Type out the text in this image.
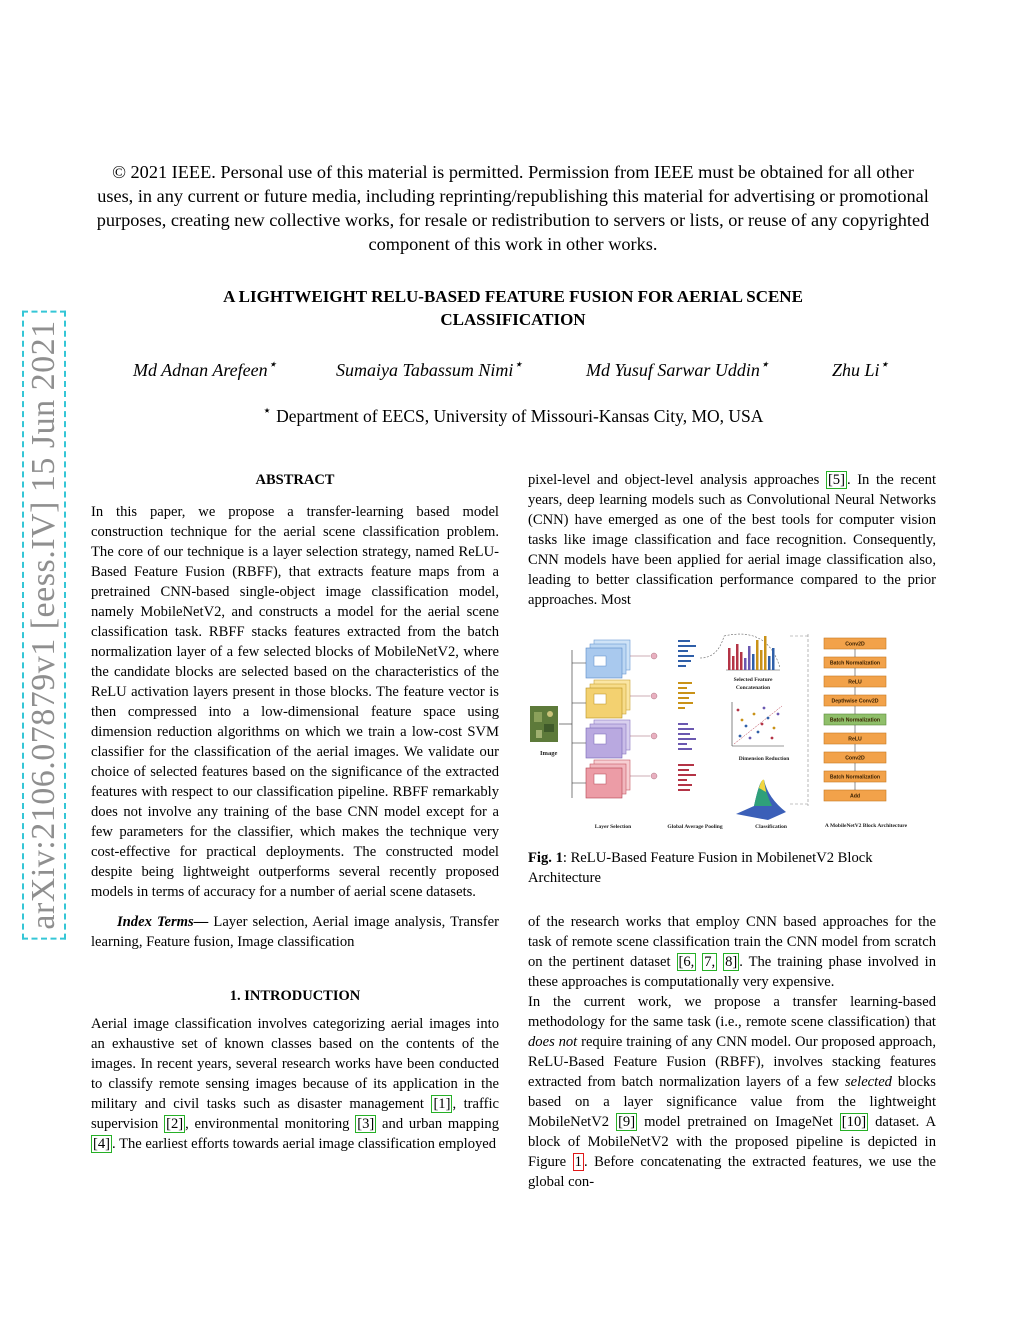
arXiv:2106.07879v1 [eess.IV] 15 Jun 2021
© 2021 IEEE. Personal use of this material is permitted. Permission from IEEE must be obtained for all other uses, in any current or future media, including reprinting/republishing this material for advertising or promotional purposes, creating new collective works, for resale or redistribution to servers or lists, or reuse of any copyrighted component of this work in other works.
A LIGHTWEIGHT RELU-BASED FEATURE FUSION FOR AERIAL SCENE
CLASSIFICATION
Md Adnan Arefeen⋆	Sumaiya Tabassum Nimi⋆	Md Yusuf Sarwar Uddin⋆	Zhu Li⋆
⋆ Department of EECS, University of Missouri-Kansas City, MO, USA

ABSTRACT

In this paper, we propose a transfer-learning based model construction technique for the aerial scene classification problem. The core of our technique is a layer selection strategy, named ReLU-Based Feature Fusion (RBFF), that extracts feature maps from a pretrained CNN-based single-object image classification model, namely MobileNetV2, and constructs a model for the aerial scene classification task. RBFF stacks features extracted from the batch normalization layer of a few selected blocks of MobileNetV2, where the candidate blocks are selected based on the characteristics of the ReLU activation layers present in those blocks. The feature vector is then compressed into a low-dimensional feature space using dimension reduction algorithms on which we train a low-cost SVM classifier for the classification of the aerial images. We validate our choice of selected features based on the significance of the extracted features with respect to our classification pipeline. RBFF remarkably does not involve any training of the base CNN model except for a few parameters for the classifier, which makes the technique very cost-effective for practical deployments. The constructed model despite being lightweight outperforms several recently proposed models in terms of accuracy for a number of aerial scene datasets.

Index Terms— Layer selection, Aerial image analysis, Transfer learning, Feature fusion, Image classification

1. INTRODUCTION

Aerial image classification involves categorizing aerial images into an exhaustive set of known classes based on the contents of the images. In recent years, several research works have been conducted to classify remote sensing images because of its application in the military and civil tasks such as disaster management [1] , traffic supervision [2] , environmental monitoring [3] and urban mapping [4] . The earliest efforts towards aerial image classification employed

pixel-level and object-level analysis approaches [5] . In the recent years, deep learning models such as Convolutional Neural Networks (CNN) have emerged as one of the best tools for computer vision tasks like image classification and face recognition. Consequently, CNN models have been applied for aerial image classification also, leading to better classification performance compared to the prior approaches. Most

Image
Selected Feature
Concatenation
Dimension Reduction
Layer Selection	Global Average Pooling	Classification	A MobileNetV2 Block Architecture
Conv2D
Batch Normalization
ReLU
Depthwise Conv2D
Batch Normalization
ReLU
Conv2D
Batch Normalization
Add
Fig. 1: ReLU-Based Feature Fusion in MobilenetV2 Block Architecture

of the research works that employ CNN based approaches for the task of remote scene classification train the CNN model from scratch on the pertinent dataset [6, 7, 8] . The training phase involved in these approaches is computationally very expensive.

In the current work, we propose a transfer learning-based methodology for the same task (i.e., remote scene classification) that does not require training of any CNN model. Our proposed approach, ReLU-Based Feature Fusion (RBFF), involves stacking features extracted from batch normalization layers of a few selected blocks based on a layer significance value from the lightweight MobileNetV2 [9] model pretrained on ImageNet [10] dataset. A block of MobileNetV2 with the proposed pipeline is depicted in Figure 1 . Before concatenating the extracted features, we use the global con-
